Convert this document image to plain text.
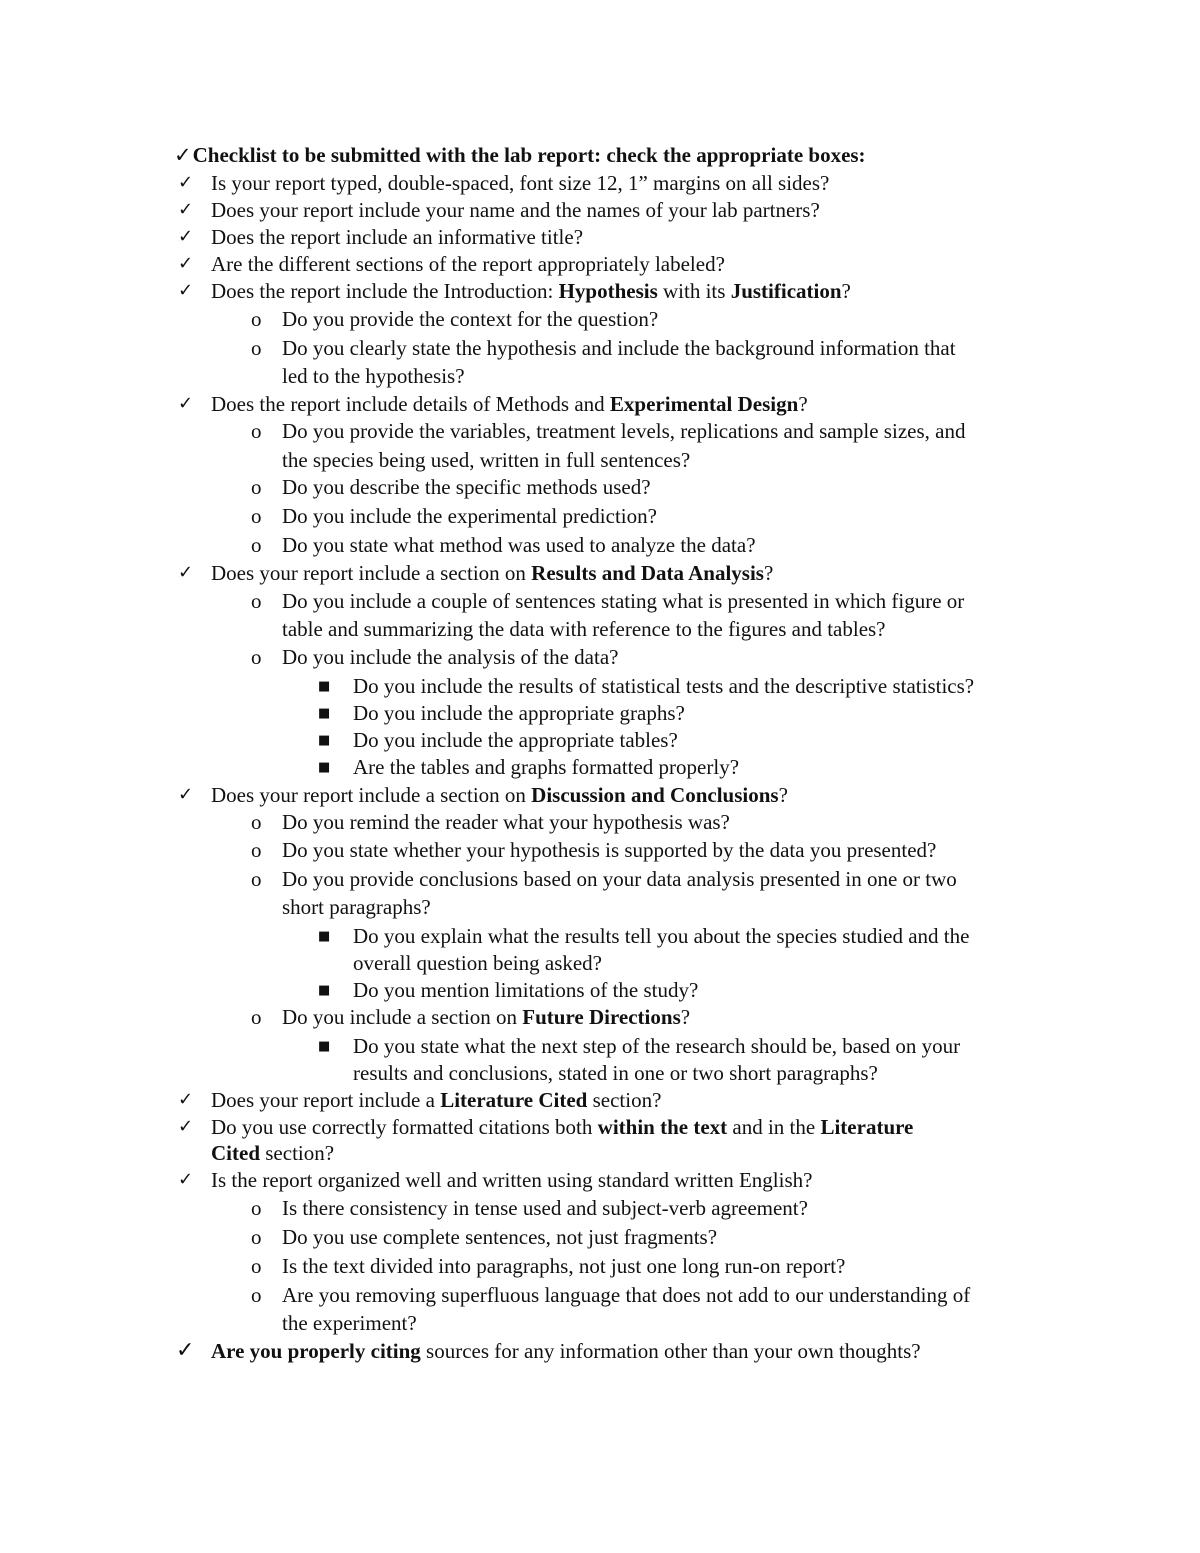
✓Checklist to be submitted with the lab report: check the appropriate boxes:
✓ Is your report typed, double-spaced, font size 12, 1” margins on all sides?
✓ Does your report include your name and the names of your lab partners?
✓ Does the report include an informative title?
✓ Are the different sections of the report appropriately labeled?
✓ Does the report include the Introduction: Hypothesis with its Justification?
o Do you provide the context for the question?
o Do you clearly state the hypothesis and include the background information that
led to the hypothesis?
✓ Does the report include details of Methods and Experimental Design?
o Do you provide the variables, treatment levels, replications and sample sizes, and
the species being used, written in full sentences?
o Do you describe the specific methods used?
o Do you include the experimental prediction?
o Do you state what method was used to analyze the data?
✓ Does your report include a section on Results and Data Analysis?
o Do you include a couple of sentences stating what is presented in which figure or
table and summarizing the data with reference to the figures and tables?
o Do you include the analysis of the data?
■ Do you include the results of statistical tests and the descriptive statistics?
■ Do you include the appropriate graphs?
■ Do you include the appropriate tables?
■ Are the tables and graphs formatted properly?
✓ Does your report include a section on Discussion and Conclusions?
o Do you remind the reader what your hypothesis was?
o Do you state whether your hypothesis is supported by the data you presented?
o Do you provide conclusions based on your data analysis presented in one or two
short paragraphs?
■ Do you explain what the results tell you about the species studied and the
overall question being asked?
■ Do you mention limitations of the study?
o Do you include a section on Future Directions?
■ Do you state what the next step of the research should be, based on your
results and conclusions, stated in one or two short paragraphs?
✓ Does your report include a Literature Cited section?
✓ Do you use correctly formatted citations both within the text and in the Literature
Cited section?
✓ Is the report organized well and written using standard written English?
o Is there consistency in tense used and subject-verb agreement?
o Do you use complete sentences, not just fragments?
o Is the text divided into paragraphs, not just one long run-on report?
o Are you removing superfluous language that does not add to our understanding of
the experiment?
✓ Are you properly citing sources for any information other than your own thoughts?
